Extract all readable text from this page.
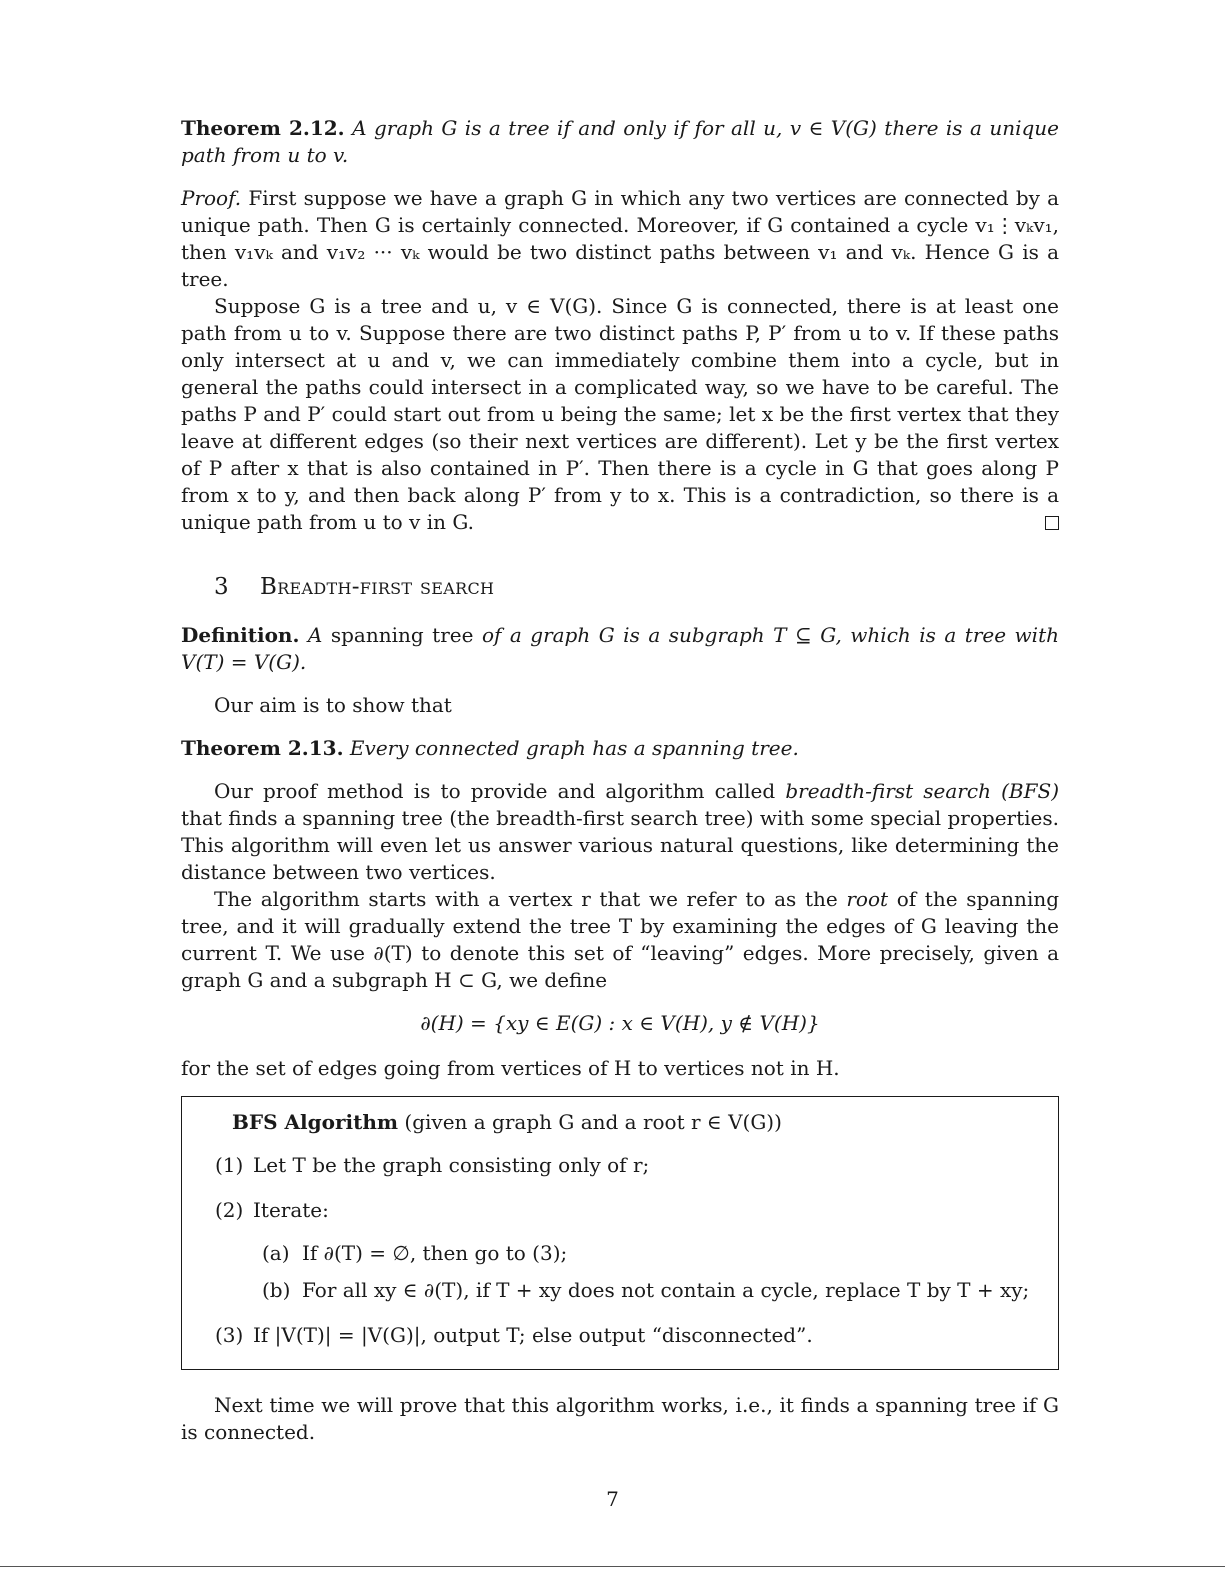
Theorem 2.12. A graph G is a tree if and only if for all u, v ∈ V(G) there is a unique path from u to v.

Proof. First suppose we have a graph G in which any two vertices are connected by a unique path. Then G is certainly connected. Moreover, if G contained a cycle v₁⋮vₖv₁, then v₁vₖ and v₁v₂ ··· vₖ would be two distinct paths between v₁ and vₖ. Hence G is a tree.

Suppose G is a tree and u, v ∈ V(G). Since G is connected, there is at least one path from u to v. Suppose there are two distinct paths P, P′ from u to v. If these paths only intersect at u and v, we can immediately combine them into a cycle, but in general the paths could intersect in a complicated way, so we have to be careful. The paths P and P′ could start out from u being the same; let x be the first vertex that they leave at different edges (so their next vertices are different). Let y be the first vertex of P after x that is also contained in P′. Then there is a cycle in G that goes along P from x to y, and then back along P′ from y to x. This is a contradiction, so there is a unique path from u to v in G.

3 Breadth-first search

Definition. A spanning tree of a graph G is a subgraph T ⊆ G, which is a tree with V(T) = V(G).

Our aim is to show that

Theorem 2.13. Every connected graph has a spanning tree.

Our proof method is to provide and algorithm called breadth-first search (BFS) that finds a spanning tree (the breadth-first search tree) with some special properties. This algorithm will even let us answer various natural questions, like determining the distance between two vertices.

The algorithm starts with a vertex r that we refer to as the root of the spanning tree, and it will gradually extend the tree T by examining the edges of G leaving the current T. We use ∂(T) to denote this set of “leaving” edges. More precisely, given a graph G and a subgraph H ⊂ G, we define

∂(H) = {xy ∈ E(G) : x ∈ V(H), y ∉ V(H)}

for the set of edges going from vertices of H to vertices not in H.

BFS Algorithm (given a graph G and a root r ∈ V(G))
(1) Let T be the graph consisting only of r;
(2) Iterate:
(a) If ∂(T) = ∅, then go to (3);
(b) For all xy ∈ ∂(T), if T + xy does not contain a cycle, replace T by T + xy;
(3) If |V(T)| = |V(G)|, output T; else output “disconnected”.

Next time we will prove that this algorithm works, i.e., it finds a spanning tree if G is connected.

7
